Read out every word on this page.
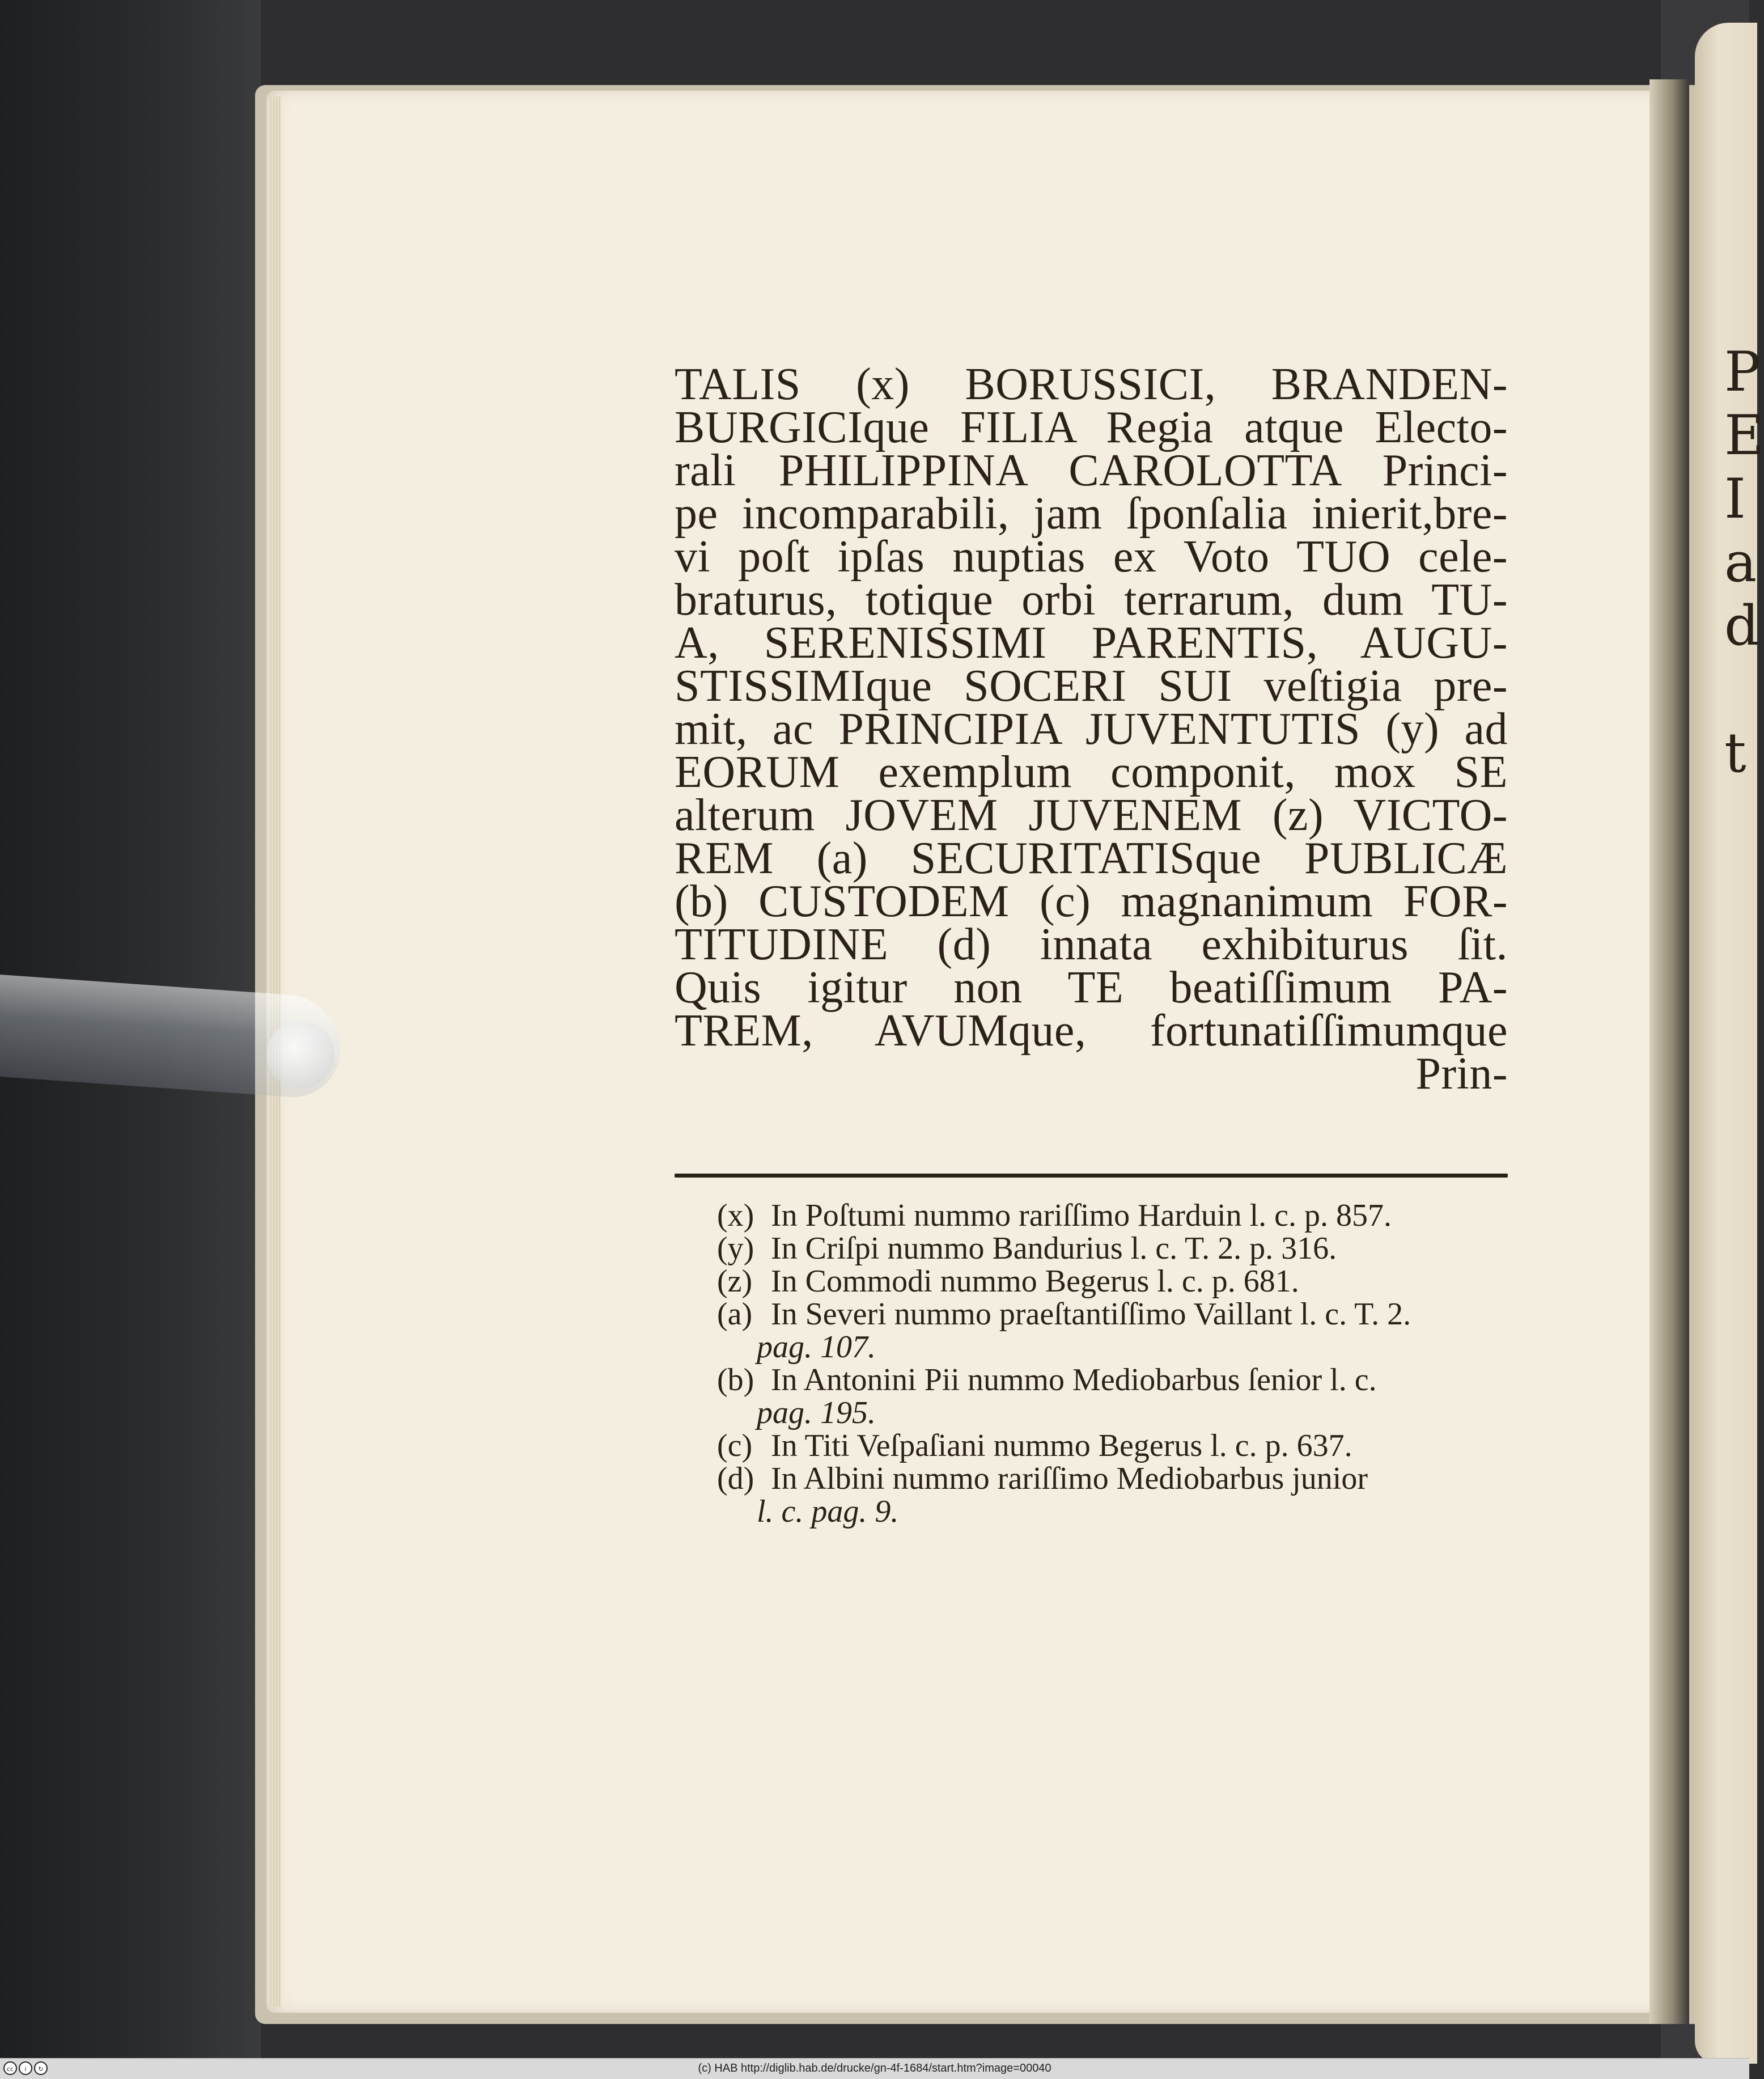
P
E
I
a
d

t
TALIS (x) BORUSSICI, BRANDEN-
BURGICIque FILIA Regia atque Electo-
rali PHILIPPINA CAROLOTTA Princi-
pe incomparabili, jam ſponſalia inierit,bre-
vi poſt ipſas nuptias ex Voto TUO cele-
braturus, totique orbi terrarum, dum TU-
A, SERENISSIMI PARENTIS, AUGU-
STISSIMIque SOCERI SUI veſtigia pre-
mit, ac PRINCIPIA JUVENTUTIS (y) ad
EORUM exemplum componit, mox SE
alterum JOVEM JUVENEM (z) VICTO-
REM (a) SECURITATISque PUBLICÆ
(b) CUSTODEM (c) magnanimum FOR-
TITUDINE (d) innata exhibiturus ſit.
Quis igitur non TE beatiſſimum PA-
TREM, AVUMque, fortunatiſſimumque
Prin-
(x) In Poſtumi nummo rariſſimo Harduin l. c. p. 857.
(y) In Criſpi nummo Bandurius l. c. T. 2. p. 316.
(z) In Commodi nummo Begerus l. c. p. 681.
(a) In Severi nummo praeſtantiſſimo Vaillant l. c. T. 2.
pag. 107.
(b) In Antonini Pii nummo Mediobarbus ſenior l. c.
pag. 195.
(c) In Titi Veſpaſiani nummo Begerus l. c. p. 637.
(d) In Albini nummo rariſſimo Mediobarbus junior
l. c. pag. 9.
cc	i	↻	(c) HAB http://diglib.hab.de/drucke/gn-4f-1684/start.htm?image=00040
